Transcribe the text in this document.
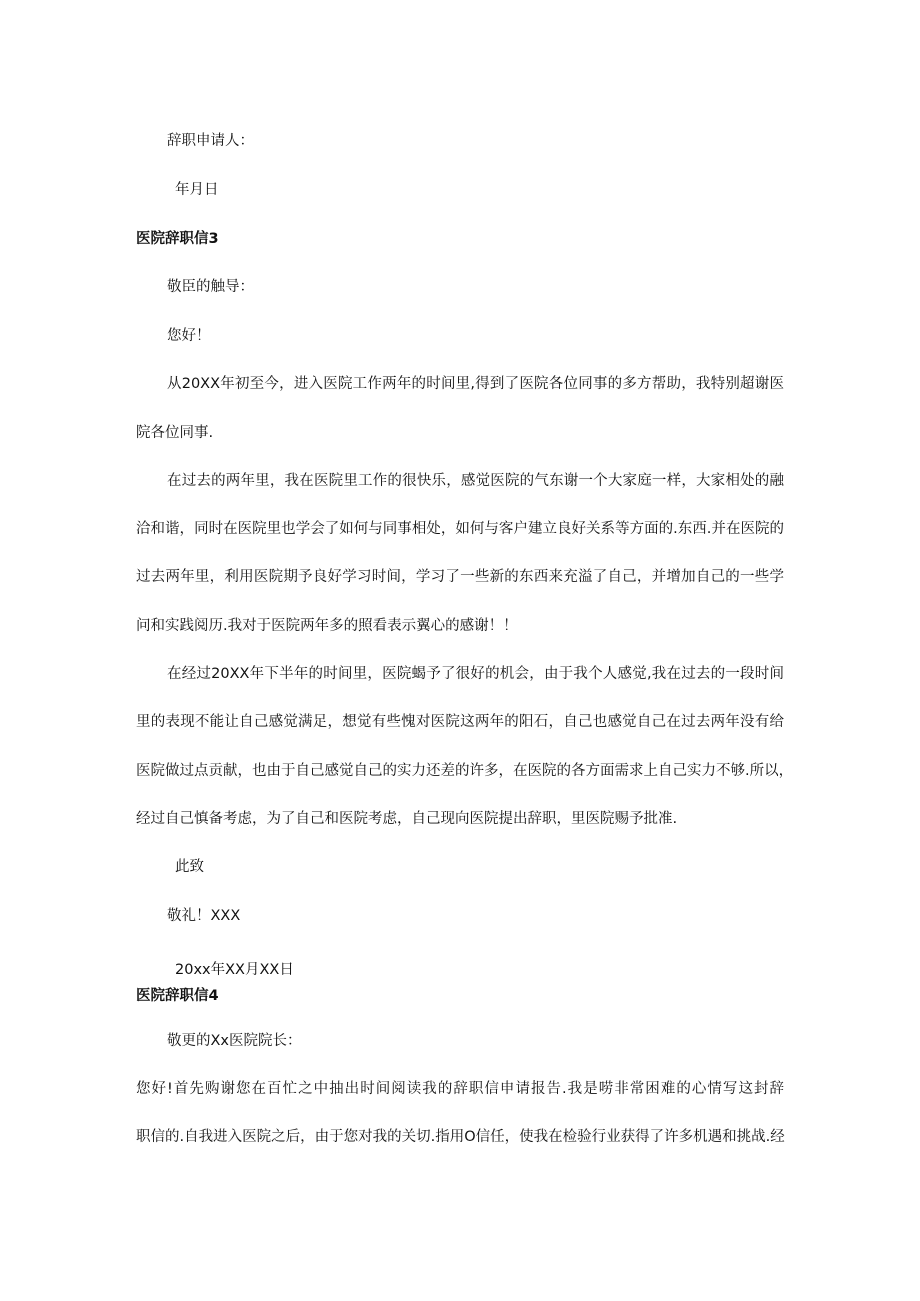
辞职申请人：
年月日
医院辞职信3
敬臣的触导：
您好！
从20XX年初至今，进入医院工作两年的时间里,得到了医院各位同事的多方帮助，我特别超谢医
院各位同事.
在过去的两年里，我在医院里工作的很快乐，感觉医院的气东谢一个大家庭一样，大家相处的融
洽和谐，同时在医院里也学会了如何与同事相处，如何与客户建立良好关系等方面的.东西.并在医院的
过去两年里，利用医院期予良好学习时间，学习了一些新的东西来充溢了自己，并增加自己的一些学
问和实践阅历.我对于医院两年多的照看表示翼心的感谢！！
在经过20XX年下半年的时间里，医院蝎予了很好的机会，由于我个人感觉,我在过去的一段时间
里的表现不能让自己感觉满足，想觉有些愧对医院这两年的阳石，自己也感觉自己在过去两年没有给
医院做过点贡献，也由于自己感觉自己的实力还差的许多，在医院的各方面需求上自己实力不够.所以，
经过自己慎备考虑，为了自己和医院考虑，自己现向医院提出辞职，里医院赐予批准.
此致
敬礼！XXX
20xx年XX月XX日
医院辞职信4
敬更的Xx医院院长：
您好!首先购谢您在百忙之中抽出时间阅读我的辞职信申请报告.我是唠非常困难的心情写这封辞
职信的.自我进入医院之后，由于您对我的关切.指用O信任，使我在检验行业获得了许多机遇和挑战.经
